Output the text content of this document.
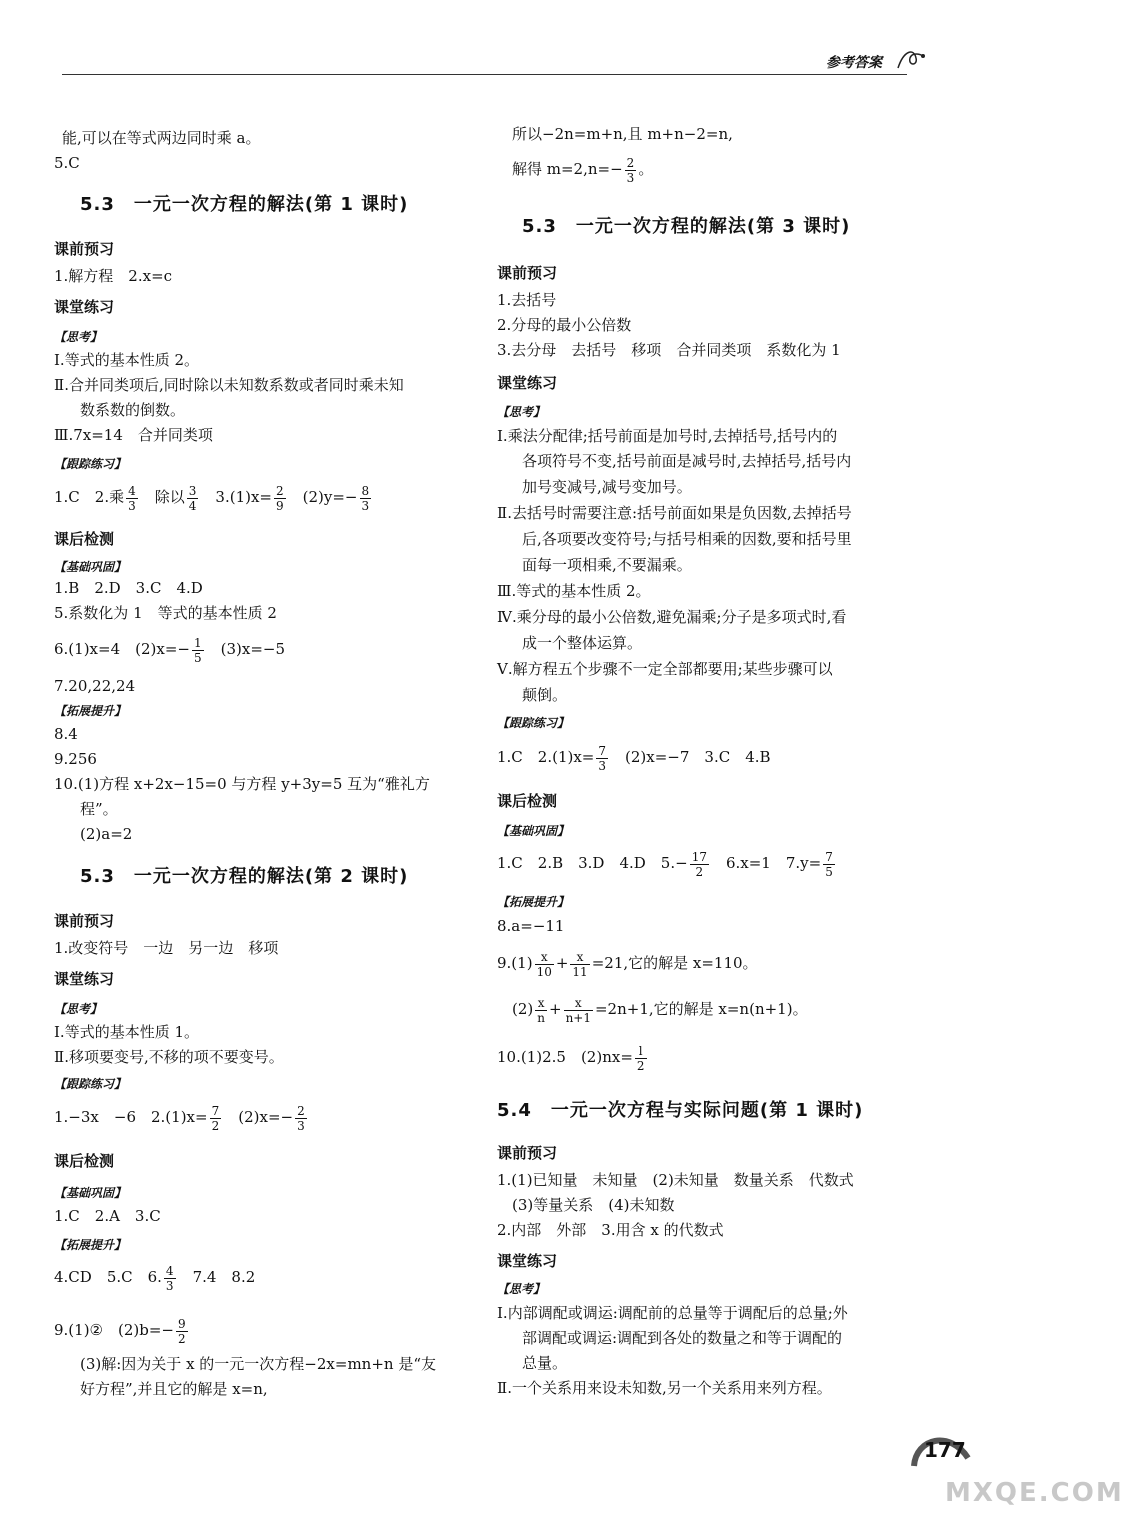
参考答案
能,可以在等式两边同时乘 a。
5.C
5.3　一元一次方程的解法(第 1 课时)
课前预习
1.解方程　2.x=c
课堂练习
【思考】
Ⅰ.等式的基本性质 2。
Ⅱ.合并同类项后,同时除以未知数系数或者同时乘未知
数系数的倒数。
Ⅲ.7x=14　合并同类项
【跟踪练习】
1.C　2.乘 $\frac{4}{3}$ 　除以 $\frac{3}{4}$ 　$3.(1)x= \frac{2}{9}$ 　$(2)y=- \frac{8}{3}$
课后检测
【基础巩固】
1.B　2.D　3.C　4.D
5.系数化为 1　等式的基本性质 2
6.(1)x=4　$(2)x=- \frac{1}{5}$ 　(3)x=−5
7.20,22,24
【拓展提升】
8.4
9.256
10.(1)方程 x+2x−15=0 与方程 y+3y=5 互为“雅礼方
程”。
(2)a=2
5.3　一元一次方程的解法(第 2 课时)
课前预习
1.改变符号　一边　另一边　移项
课堂练习
【思考】
Ⅰ.等式的基本性质 1。
Ⅱ.移项要变号,不移的项不要变号。
【跟踪练习】
1.−3x　−6　$2.(1)x= \frac{7}{2}$ 　$(2)x=- \frac{2}{3}$
课后检测
【基础巩固】
1.C　2.A　3.C
【拓展提升】
4.CD　5.C　6. $\frac{4}{3}$ 　7.4　8.2
9.(1)②　$(2)b=- \frac{9}{2}$
(3)解:因为关于 x 的一元一次方程−2x=mn+n 是“友
好方程”,并且它的解是 x=n,
所以−2n=m+n,且 m+n−2=n,
解得 $m=2,n=- \frac{2}{3}$ 。
5.3　一元一次方程的解法(第 3 课时)
课前预习
1.去括号
2.分母的最小公倍数
3.去分母　去括号　移项　合并同类项　系数化为 1
课堂练习
【思考】
Ⅰ.乘法分配律;括号前面是加号时,去掉括号,括号内的
各项符号不变,括号前面是减号时,去掉括号,括号内
加号变减号,减号变加号。
Ⅱ.去括号时需要注意:括号前面如果是负因数,去掉括号
后,各项要改变符号;与括号相乘的因数,要和括号里
面每一项相乘,不要漏乘。
Ⅲ.等式的基本性质 2。
Ⅳ.乘分母的最小公倍数,避免漏乘;分子是多项式时,看
成一个整体运算。
Ⅴ.解方程五个步骤不一定全部都要用;某些步骤可以
颠倒。
【跟踪练习】
1.C　$2.(1)x= \frac{7}{3}$ 　(2)x=−7　3.C　4.B
课后检测
【基础巩固】
1.C　2.B　3.D　4.D　$5.- \frac{17}{2}$ 　6.x=1　$7.y= \frac{7}{5}$
【拓展提升】
8.a=−11
$9.(1) \frac{x}{10} + \frac{x}{11} =21$,它的解是 x=110。
$(2) \frac{x}{n} + \frac{x}{n+1} =2n+1$,它的解是 x=n(n+1)。
10.(1)2.5　$(2)nx= \frac{l}{2}$
5.4　一元一次方程与实际问题(第 1 课时)
课前预习
1.(1)已知量　未知量　(2)未知量　数量关系　代数式
(3)等量关系　(4)未知数
2.内部　外部　3.用含 x 的代数式
课堂练习
【思考】
Ⅰ.内部调配或调运:调配前的总量等于调配后的总量;外
部调配或调运:调配到各处的数量之和等于调配的
总量。
Ⅱ.一个关系用来设未知数,另一个关系用来列方程。
177
MXQE.COM
